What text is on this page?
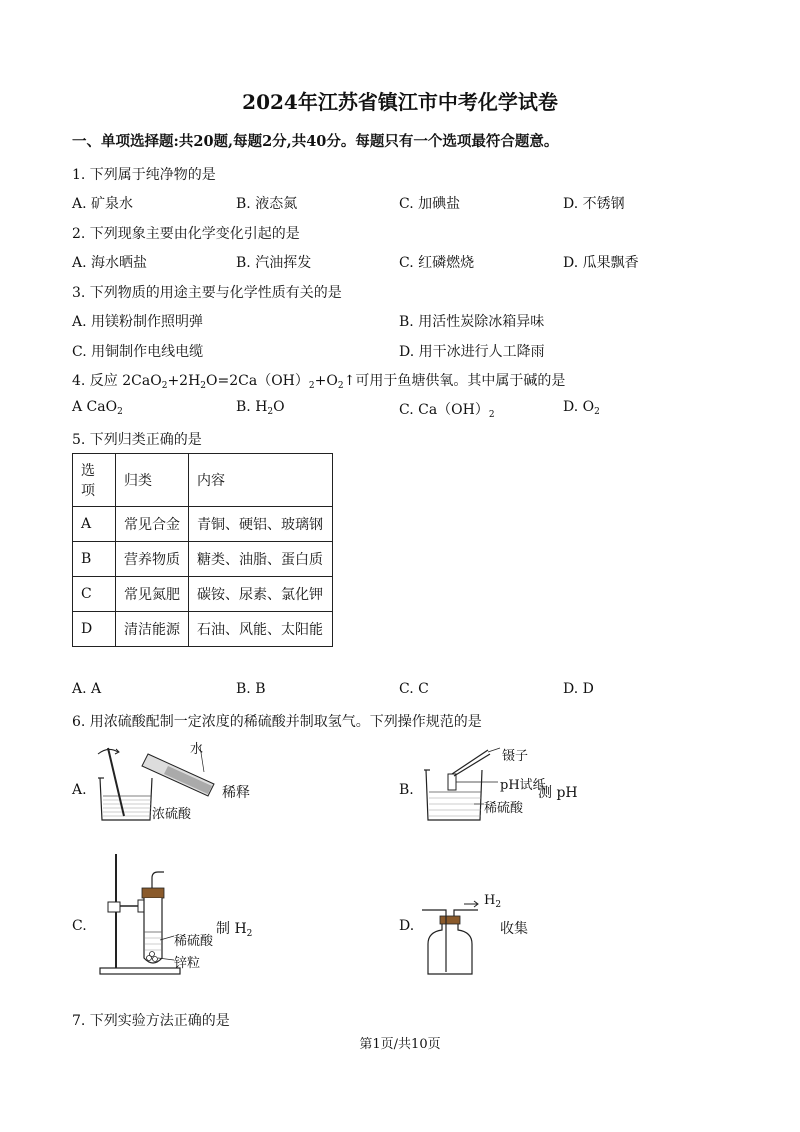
2024年江苏省镇江市中考化学试卷
一、单项选择题:共20题,每题2分,共40分。每题只有一个选项最符合题意。
1. 下列属于纯净物的是
A. 矿泉水	B. 液态氮	C. 加碘盐	D. 不锈钢
2. 下列现象主要由化学变化引起的是
A. 海水晒盐	B. 汽油挥发	C. 红磷燃烧	D. 瓜果飘香
3. 下列物质的用途主要与化学性质有关的是
A. 用镁粉制作照明弹	B. 用活性炭除冰箱异味
C. 用铜制作电线电缆	D. 用干冰进行人工降雨
4. 反应 $2CaO_2+2H_2O=2Ca(OH)_2+O_2↑$可用于鱼塘供氧。其中属于碱的是
A CaO$_2$	B. $H_2O$	C. $Ca(OH)_2$	D. $O_2$
5. 下列归类正确的是
选项	归类	内容
A	常见合金	青铜、硬铝、玻璃钢
B	营养物质	糖类、油脂、蛋白质
C	常见氮肥	碳铵、尿素、氯化钾
D	清洁能源	石油、风能、太阳能
A. A	B. B	C. C	D. D
6. 用浓硫酸配制一定浓度的稀硫酸并制取氢气。下列操作规范的是
A.
水
浓硫酸
稀释	B.
镊子
pH试纸
稀硫酸
测 pH
C.	制 $H_2$
稀硫酸
锌粒
D.
$H_2$
收集
7. 下列实验方法正确的是
第1页/共10页
